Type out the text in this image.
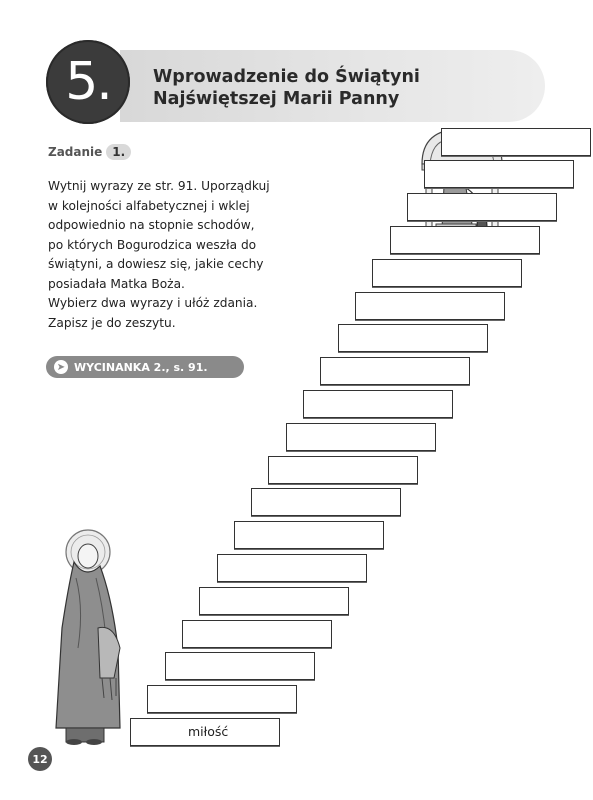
5. Wprowadzenie do Świątyni
Najświętszej Marii Panny
Zadanie 1.
Wytnij wyrazy ze str. 91. Uporządkuj
w kolejności alfabetycznej i wklej
odpowiednio na stopnie schodów,
po których Bogurodzica weszła do
świątyni, a dowiesz się, jakie cechy
posiadała Matka Boża.
Wybierz dwa wyrazy i ułóż zdania.
Zapisz je do zeszytu.
➤ WYCINANKA 2., s. 91.
miłość
12
